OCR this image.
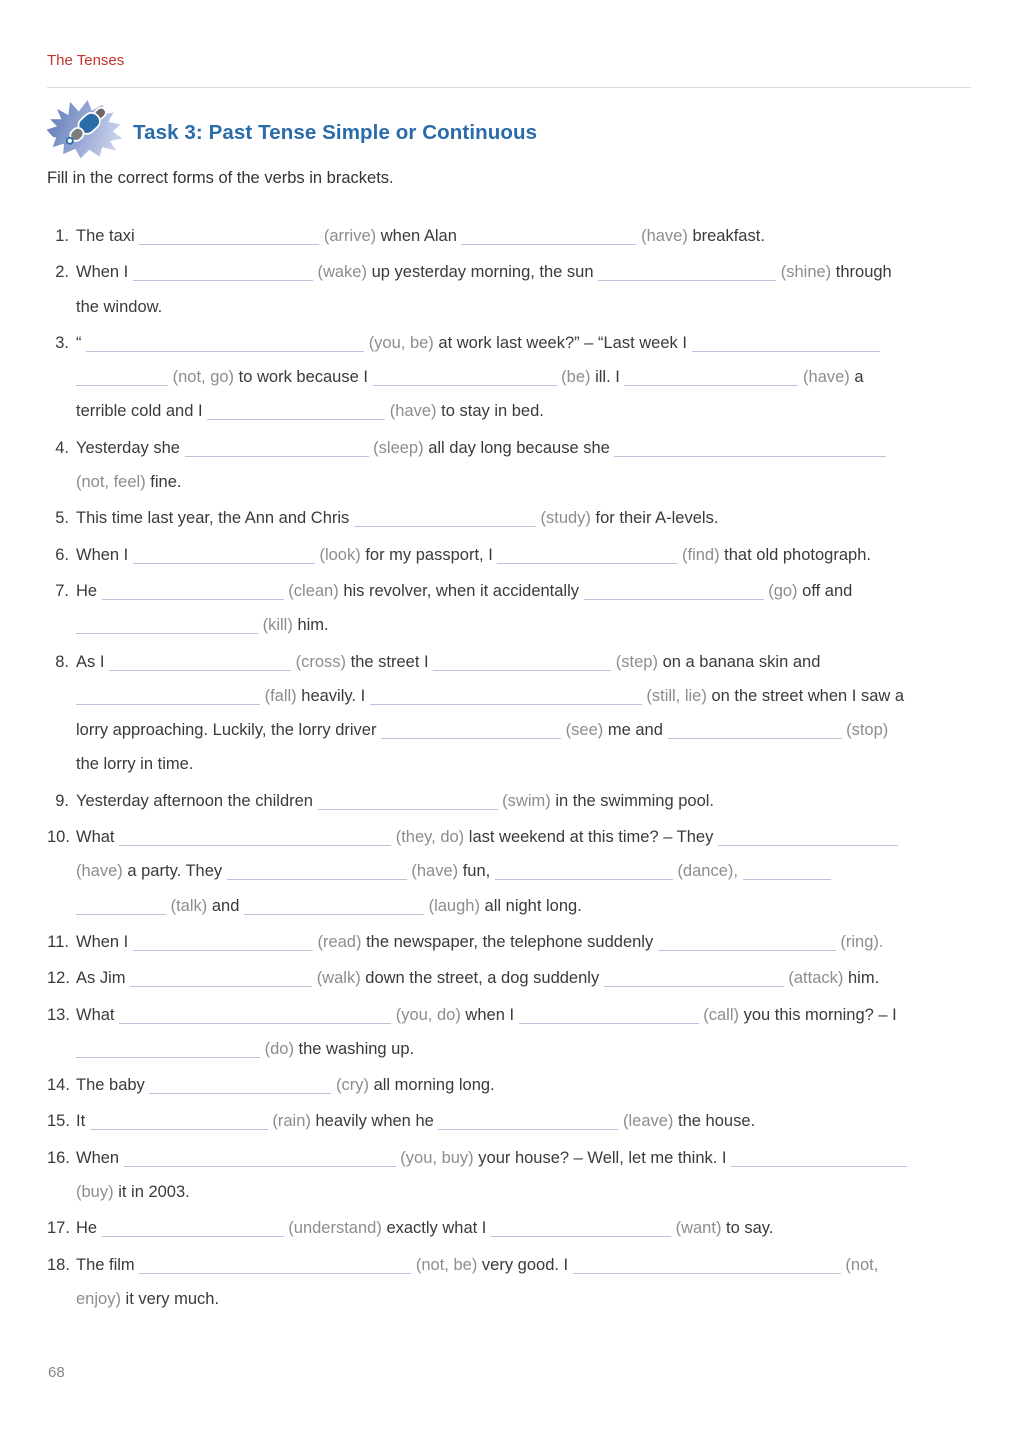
The Tenses
Task 3: Past Tense Simple or Continuous
Fill in the correct forms of the verbs in brackets.
1. The taxi	(arrive) when Alan	(have) breakfast.
2. When I	(wake) up yesterday morning, the sun	(shine) through
the window.
3. “	(you, be) at work last week?” – “Last week I
(not, go) to work because I	(be) ill. I	(have) a
terrible cold and I	(have) to stay in bed.
4. Yesterday she	(sleep) all day long because she
(not, feel) fine.
5. This time last year, the Ann and Chris	(study) for their A-levels.
6. When I	(look) for my passport, I	(find) that old photograph.
7. He	(clean) his revolver, when it accidentally	(go) off and
(kill) him.
8. As I	(cross) the street I	(step) on a banana skin and
(fall) heavily. I	(still, lie) on the street when I saw a
lorry approaching. Luckily, the lorry driver	(see) me and	(stop)
the lorry in time.
9. Yesterday afternoon the children	(swim) in the swimming pool.
10. What	(they, do) last weekend at this time? – They
(have) a party. They	(have) fun,	(dance),
(talk) and	(laugh) all night long.
11. When I	(read) the newspaper, the telephone suddenly	(ring).
12. As Jim	(walk) down the street, a dog suddenly	(attack) him.
13. What	(you, do) when I	(call) you this morning? – I
(do) the washing up.
14. The baby	(cry) all morning long.
15. It	(rain) heavily when he	(leave) the house.
16. When	(you, buy) your house? – Well, let me think. I
(buy) it in 2003.
17. He	(understand) exactly what I	(want) to say.
18. The film	(not, be) very good. I	(not,
enjoy) it very much.
68
